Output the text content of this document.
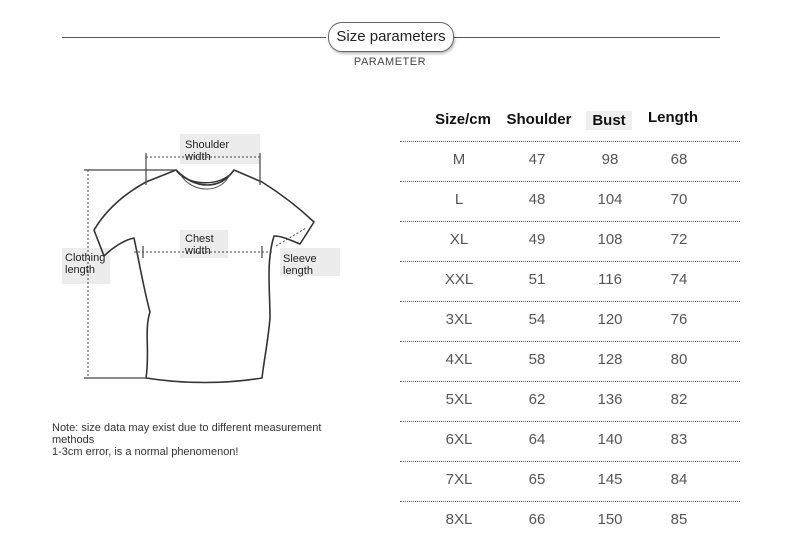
Size parameters
PARAMETER
Shoulder
width
Chest
width
Clothing
length
Sleeve
length
Note: size data may exist due to different measurement
methods
1-3cm error, is a normal phenomenon!
Size/cm	Shoulder	Bust	Length
M	47	98	68
L	48	104	70
XL	49	108	72
XXL	51	116	74
3XL	54	120	76
4XL	58	128	80
5XL	62	136	82
6XL	64	140	83
7XL	65	145	84
8XL	66	150	85
